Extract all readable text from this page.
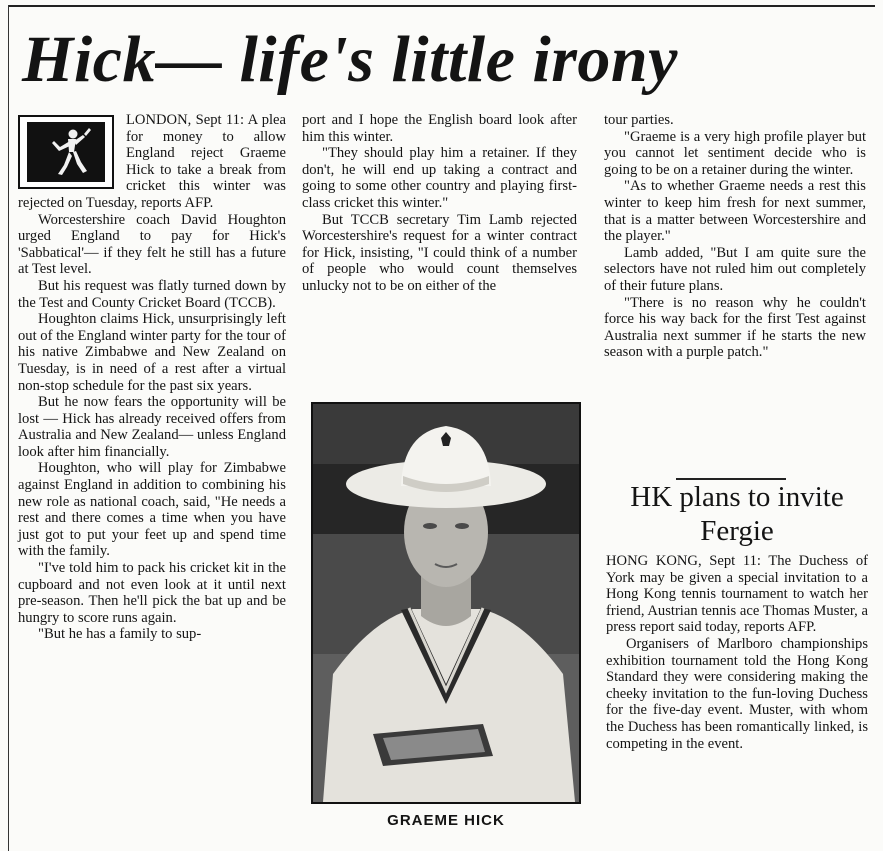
Hick— life's little irony

LONDON, Sept 11: A plea for money to allow England reject Graeme Hick to take a break from cricket this winter was rejected on Tuesday, reports AFP.

Worcestershire coach David Houghton urged England to pay for Hick's 'Sabbatical'— if they felt he still has a future at Test level.

But his request was flatly turned down by the Test and County Cricket Board (TCCB).

Houghton claims Hick, unsurprisingly left out of the England winter party for the tour of his native Zimbabwe and New Zealand on Tuesday, is in need of a rest after a virtual non-stop schedule for the past six years.

But he now fears the opportunity will be lost — Hick has already received offers from Australia and New Zealand— unless England look after him financially.

Houghton, who will play for Zimbabwe against England in addition to combining his new role as national coach, said, "He needs a rest and there comes a time when you have just got to put your feet up and spend time with the family.

"I've told him to pack his cricket kit in the cupboard and not even look at it until next pre-season. Then he'll pick the bat up and be hungry to score runs again.

"But he has a family to sup-

port and I hope the English board look after him this winter.

"They should play him a retainer. If they don't, he will end up taking a contract and going to some other country and playing first-class cricket this winter."

But TCCB secretary Tim Lamb rejected Worcestershire's request for a winter contract for Hick, insisting, "I could think of a number of people who would count themselves unlucky not to be on either of the

GRAEME HICK

tour parties.

"Graeme is a very high profile player but you cannot let sentiment decide who is going to be on a retainer during the winter.

"As to whether Graeme needs a rest this winter to keep him fresh for next summer, that is a matter between Worcestershire and the player."

Lamb added, "But I am quite sure the selectors have not ruled him out completely of their future plans.

"There is no reason why he couldn't force his way back for the first Test against Australia next summer if he starts the new season with a purple patch."

HK plans to invite Fergie

HONG KONG, Sept 11: The Duchess of York may be given a special invitation to a Hong Kong tennis tournament to watch her friend, Austrian tennis ace Thomas Muster, a press report said today, reports AFP.

Organisers of Marlboro championships exhibition tournament told the Hong Kong Standard they were considering making the cheeky invitation to the fun-loving Duchess for the five-day event. Muster, with whom the Duchess has been romantically linked, is competing in the event.
